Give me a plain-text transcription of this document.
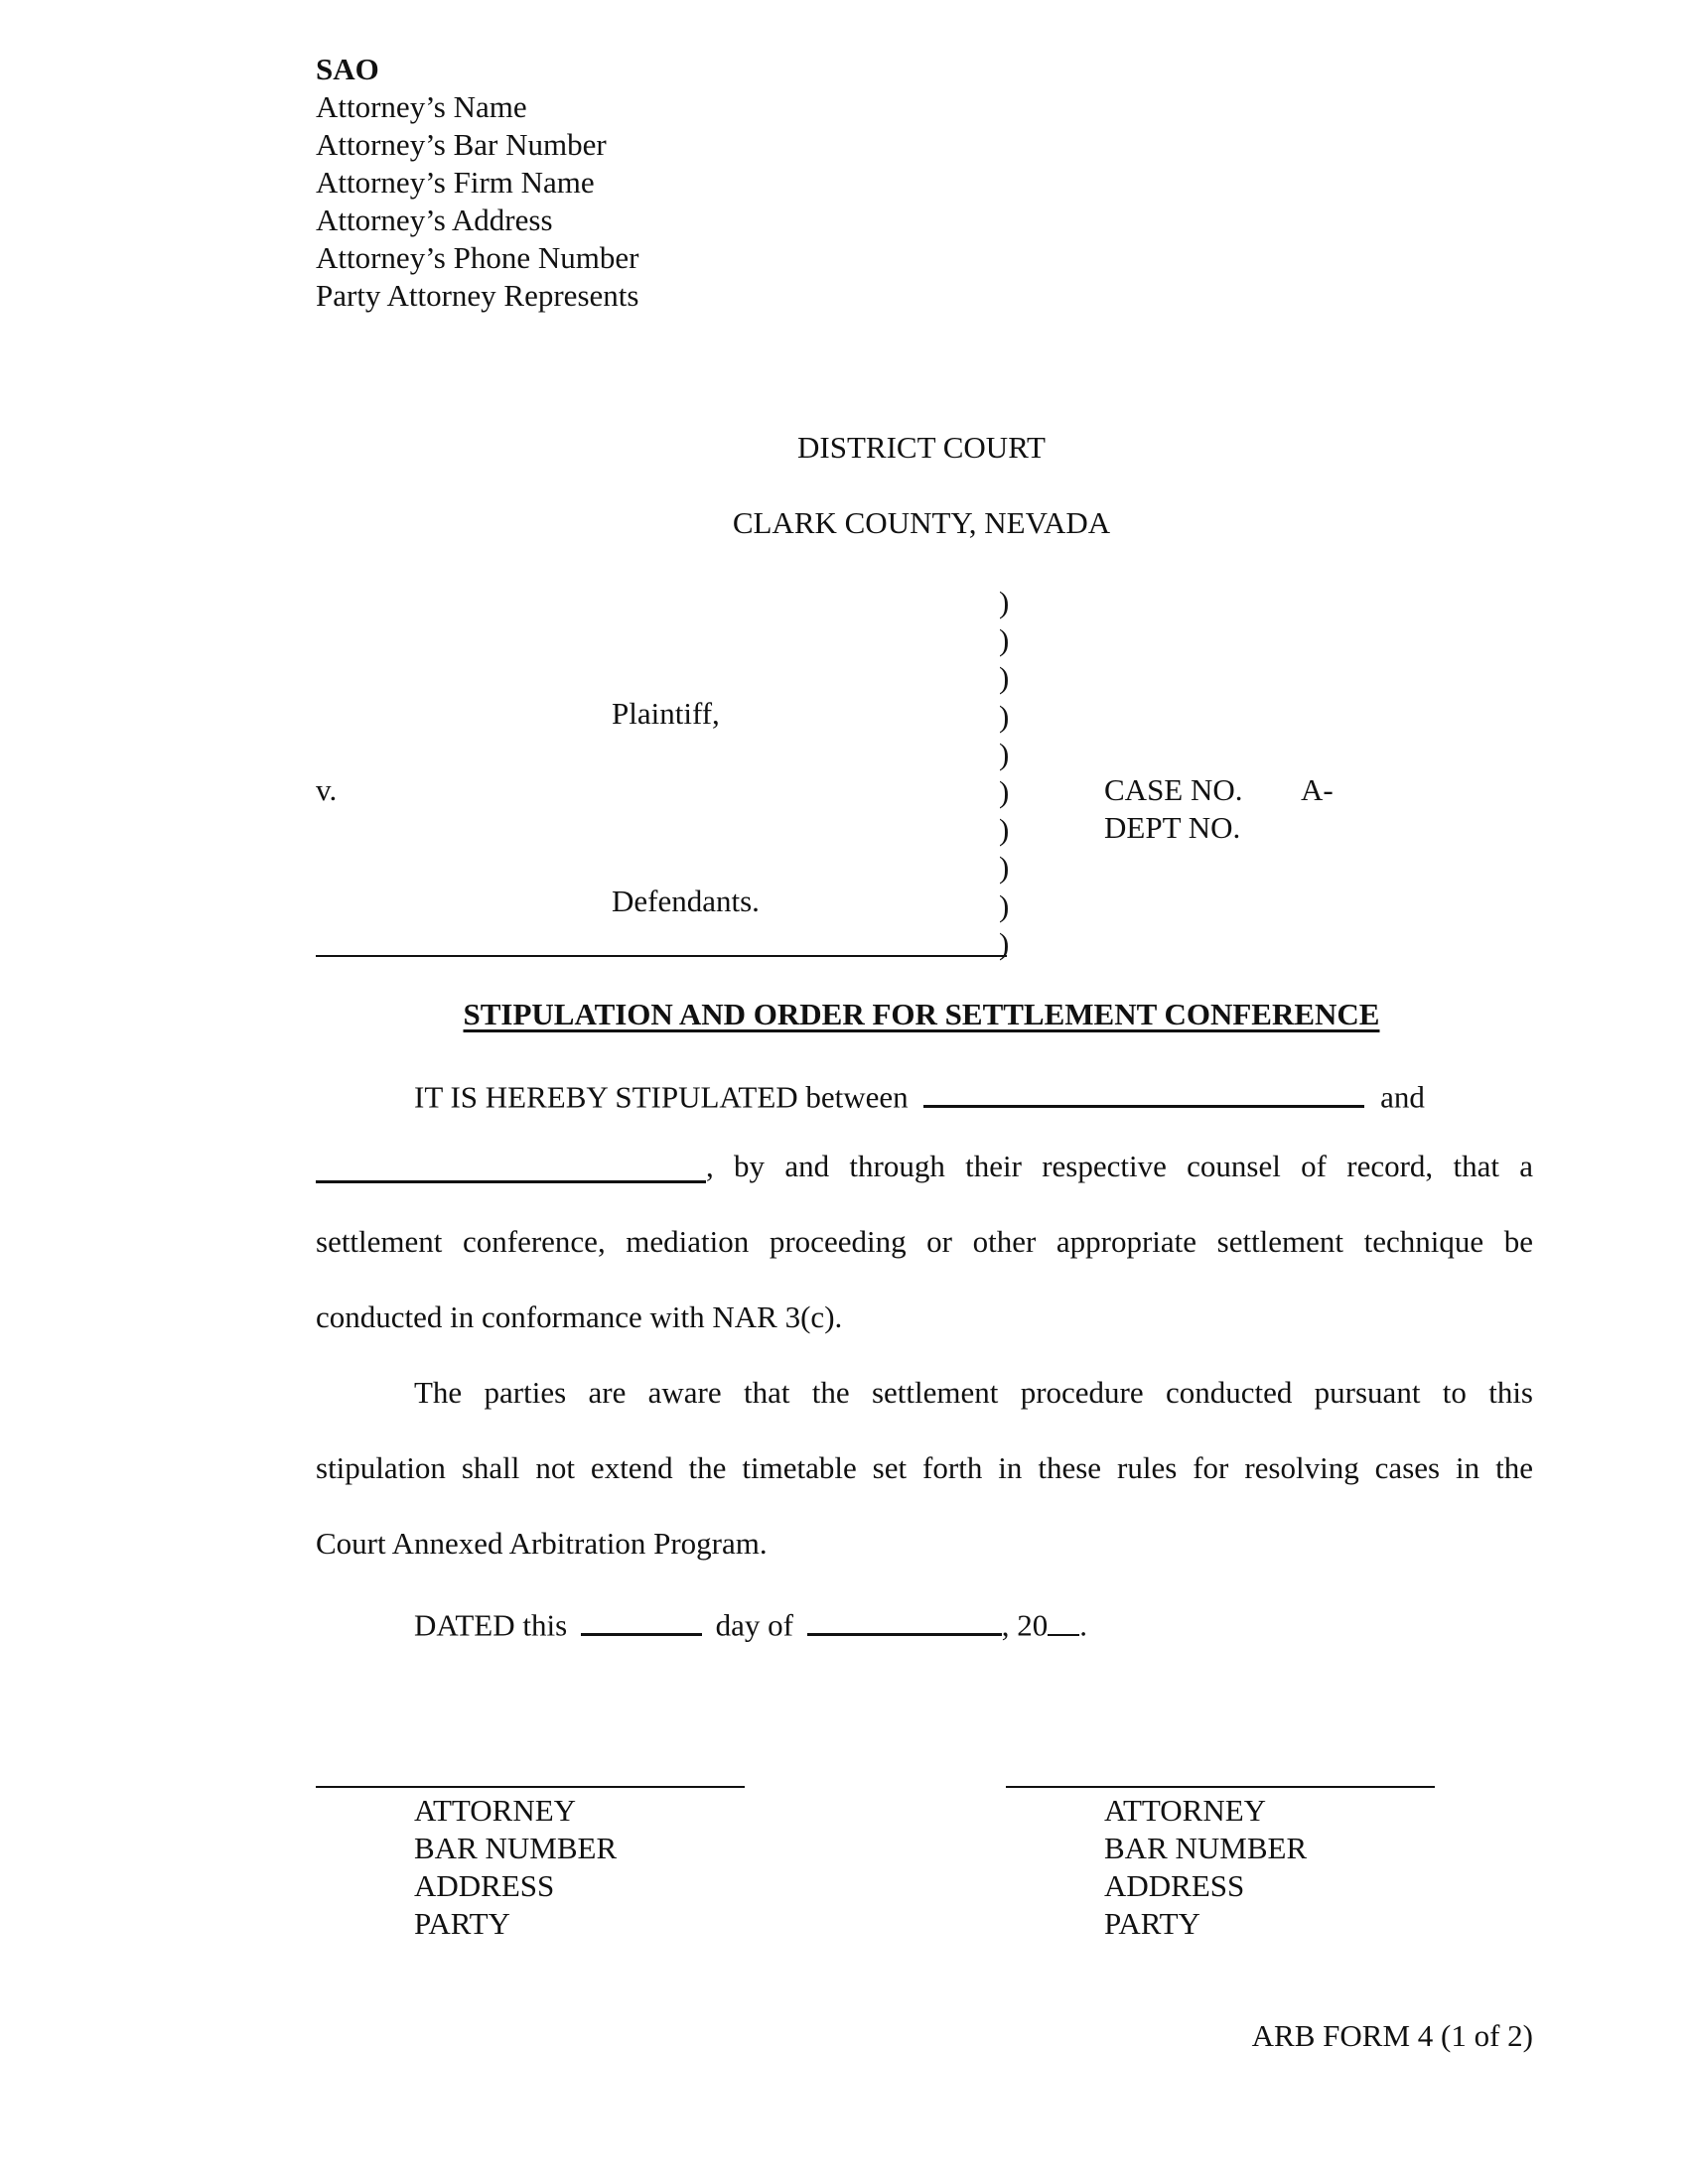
SAO
Attorney’s Name
Attorney’s Bar Number
Attorney’s Firm Name
Attorney’s Address
Attorney’s Phone Number
Party Attorney Represents
DISTRICT COURT
CLARK COUNTY, NEVADA
Plaintiff,
v.
Defendants.
)
)
)
)
)
)
)
)
)
)
CASE NO. A-
DEPT NO.
STIPULATION AND ORDER FOR SETTLEMENT CONFERENCE
IT IS HEREBY STIPULATED between	and
, by and through their respective counsel of record, that a
settlement conference, mediation proceeding or other appropriate settlement technique be
conducted in conformance with NAR 3(c).
The parties are aware that the settlement procedure conducted pursuant to this
stipulation shall not extend the timetable set forth in these rules for resolving cases in the
Court Annexed Arbitration Program.
DATED this	day of	, 20 .
ATTORNEY
BAR NUMBER
ADDRESS
PARTY
ATTORNEY
BAR NUMBER
ADDRESS
PARTY
ARB FORM 4 (1 of 2)
